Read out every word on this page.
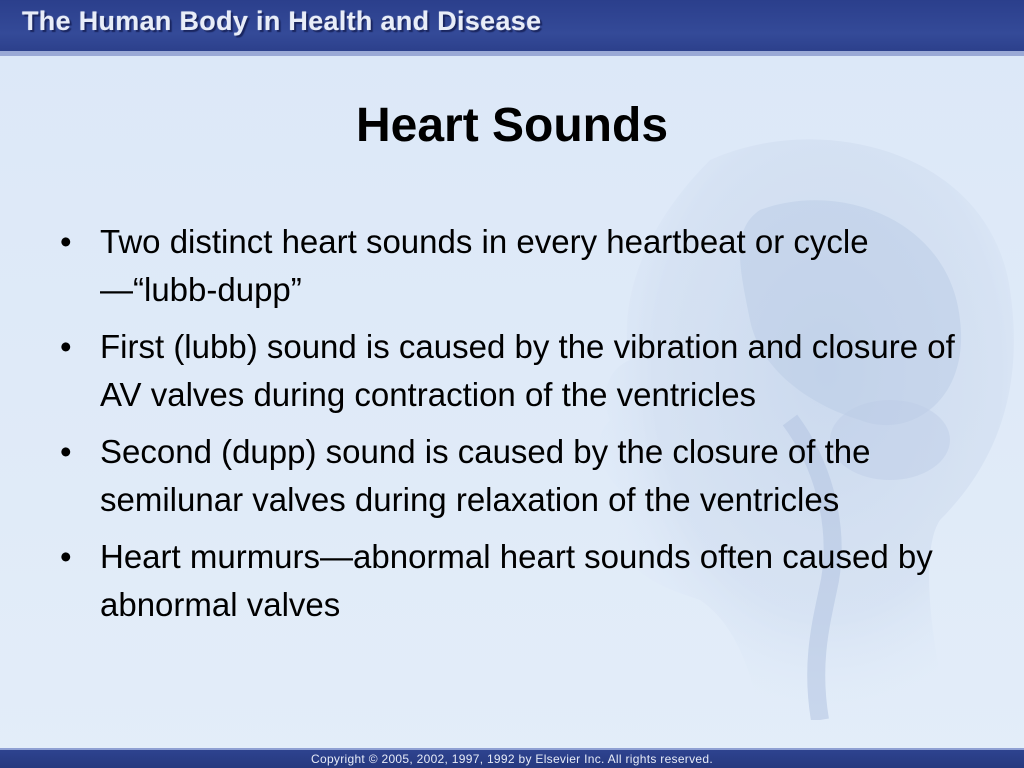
The Human Body in Health and Disease
Heart Sounds
• Two distinct heart sounds in every heartbeat or cycle—“lubb-dupp”
• First (lubb) sound is caused by the vibration and closure of AV valves during contraction of the ventricles
• Second (dupp) sound is caused by the closure of the semilunar valves during relaxation of the ventricles
• Heart murmurs—abnormal heart sounds often caused by abnormal valves
Copyright © 2005, 2002, 1997, 1992 by Elsevier Inc. All rights reserved.
